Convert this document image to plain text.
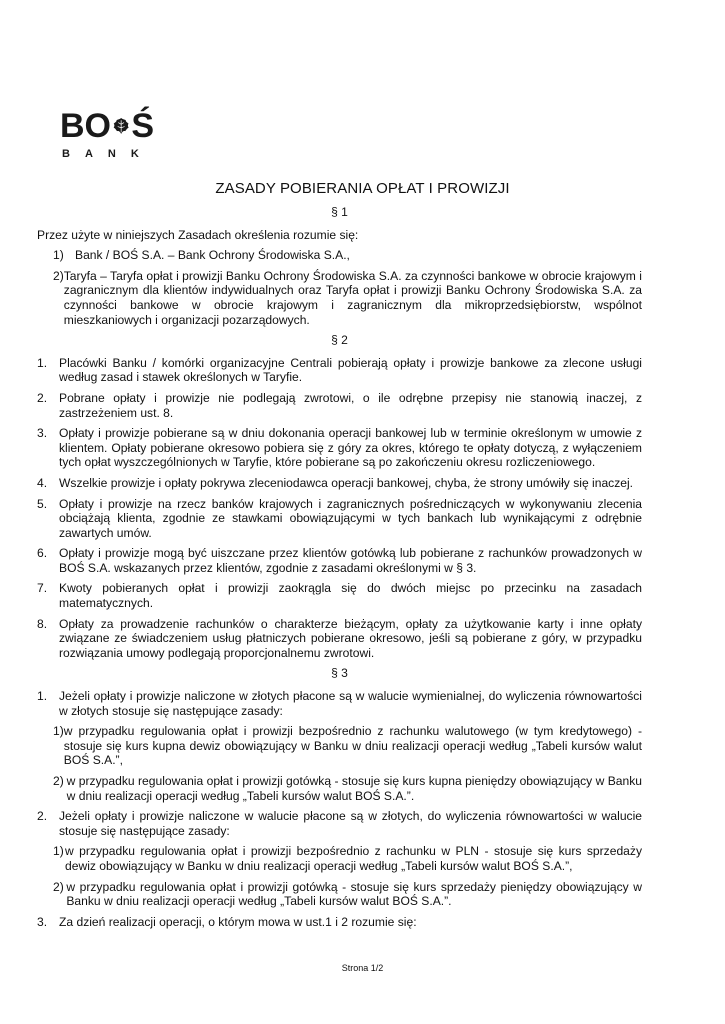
BO Ś
BANK
ZASADY POBIERANIA OPŁAT I PROWIZJI
§ 1

Przez użyte w niniejszych Zasadach określenia rozumie się:

1) Bank / BOŚ S.A. – Bank Ochrony Środowiska S.A.,
2) Taryfa – Taryfa opłat i prowizji Banku Ochrony Środowiska S.A. za czynności bankowe w obrocie krajowym i zagranicznym dla klientów indywidualnych oraz Taryfa opłat i prowizji Banku Ochrony Środowiska S.A. za czynności bankowe w obrocie krajowym i zagranicznym dla mikroprzedsiębiorstw, wspólnot mieszkaniowych i organizacji pozarządowych.
§ 2
1. Placówki Banku / komórki organizacyjne Centrali pobierają opłaty i prowizje bankowe za zlecone usługi według zasad i stawek określonych w Taryfie.
2. Pobrane opłaty i prowizje nie podlegają zwrotowi, o ile odrębne przepisy nie stanowią inaczej, z zastrzeżeniem ust. 8.
3. Opłaty i prowizje pobierane są w dniu dokonania operacji bankowej lub w terminie określonym w umowie z klientem. Opłaty pobierane okresowo pobiera się z góry za okres, którego te opłaty dotyczą, z wyłączeniem tych opłat wyszczególnionych w Taryfie, które pobierane są po zakończeniu okresu rozliczeniowego.
4. Wszelkie prowizje i opłaty pokrywa zleceniodawca operacji bankowej, chyba, że strony umówiły się inaczej.
5. Opłaty i prowizje na rzecz banków krajowych i zagranicznych pośredniczących w wykonywaniu zlecenia obciążają klienta, zgodnie ze stawkami obowiązującymi w tych bankach lub wynikającymi z odrębnie zawartych umów.
6. Opłaty i prowizje mogą być uiszczane przez klientów gotówką lub pobierane z rachunków prowadzonych w BOŚ S.A. wskazanych przez klientów, zgodnie z zasadami określonymi w § 3.
7. Kwoty pobieranych opłat i prowizji zaokrągla się do dwóch miejsc po przecinku na zasadach matematycznych.
8. Opłaty za prowadzenie rachunków o charakterze bieżącym, opłaty za użytkowanie karty i inne opłaty związane ze świadczeniem usług płatniczych pobierane okresowo, jeśli są pobierane z góry, w przypadku rozwiązania umowy podlegają proporcjonalnemu zwrotowi.
§ 3
1. Jeżeli opłaty i prowizje naliczone w złotych płacone są w walucie wymienialnej, do wyliczenia równowartości w złotych stosuje się następujące zasady:
1) w przypadku regulowania opłat i prowizji bezpośrednio z rachunku walutowego (w tym kredytowego) - stosuje się kurs kupna dewiz obowiązujący w Banku w dniu realizacji operacji według „Tabeli kursów walut BOŚ S.A.”,
2) w przypadku regulowania opłat i prowizji gotówką - stosuje się kurs kupna pieniędzy obowiązujący w Banku w dniu realizacji operacji według „Tabeli kursów walut BOŚ S.A.”.
2. Jeżeli opłaty i prowizje naliczone w walucie płacone są w złotych, do wyliczenia równowartości w walucie stosuje się następujące zasady:
1) w przypadku regulowania opłat i prowizji bezpośrednio z rachunku w PLN - stosuje się kurs sprzedaży dewiz obowiązujący w Banku w dniu realizacji operacji według „Tabeli kursów walut BOŚ S.A.”,
2) w przypadku regulowania opłat i prowizji gotówką - stosuje się kurs sprzedaży pieniędzy obowiązujący w Banku w dniu realizacji operacji według „Tabeli kursów walut BOŚ S.A.”.
3. Za dzień realizacji operacji, o którym mowa w ust.1 i 2 rozumie się:
Strona 1/2
